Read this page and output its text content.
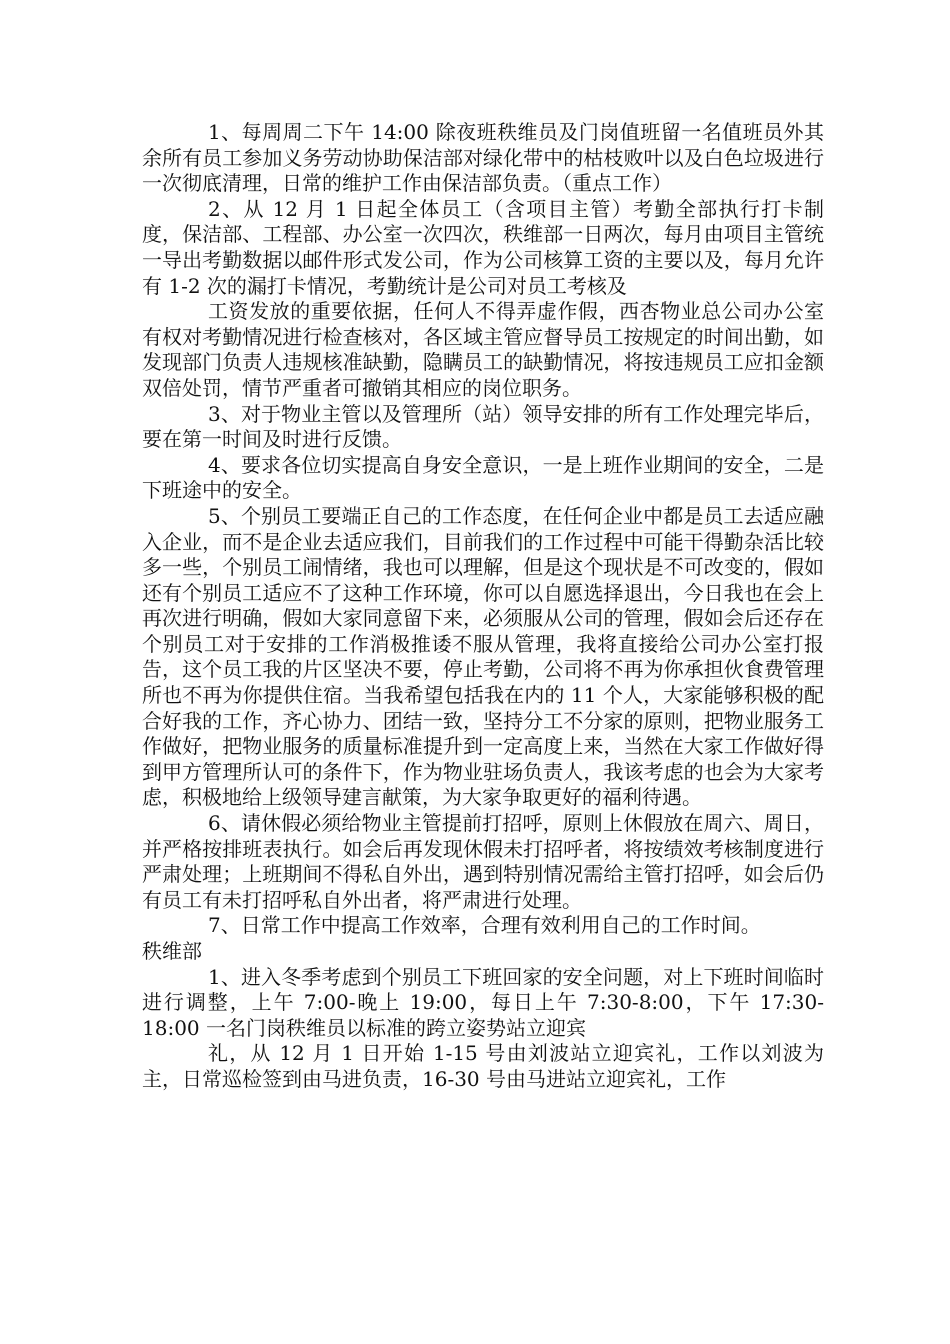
1、每周周二下午 14:00 除夜班秩维员及门岗值班留一名值班员外其余所有员工参加义务劳动协助保洁部对绿化带中的枯枝败叶以及白色垃圾进行一次彻底清理，日常的维护工作由保洁部负责。（重点工作）

2、从 12 月 1 日起全体员工（含项目主管）考勤全部执行打卡制度，保洁部、工程部、办公室一次四次，秩维部一日两次，每月由项目主管统一导出考勤数据以邮件形式发公司，作为公司核算工资的主要以及，每月允许有 1-2 次的漏打卡情况，考勤统计是公司对员工考核及

工资发放的重要依据，任何人不得弄虚作假，西杏物业总公司办公室有权对考勤情况进行检查核对，各区域主管应督导员工按规定的时间出勤，如发现部门负责人违规核准缺勤，隐瞒员工的缺勤情况，将按违规员工应扣金额双倍处罚，情节严重者可撤销其相应的岗位职务。

3、对于物业主管以及管理所（站）领导安排的所有工作处理完毕后，要在第一时间及时进行反馈。

4、要求各位切实提高自身安全意识，一是上班作业期间的安全，二是下班途中的安全。

5、个别员工要端正自己的工作态度，在任何企业中都是员工去适应融入企业，而不是企业去适应我们，目前我们的工作过程中可能干得勤杂活比较多一些，个别员工闹情绪，我也可以理解，但是这个现状是不可改变的，假如还有个别员工适应不了这种工作环境，你可以自愿选择退出，今日我也在会上再次进行明确，假如大家同意留下来，必须服从公司的管理，假如会后还存在个别员工对于安排的工作消极推诿不服从管理，我将直接给公司办公室打报告，这个员工我的片区坚决不要，停止考勤，公司将不再为你承担伙食费管理所也不再为你提供住宿。当我希望包括我在内的 11 个人，大家能够积极的配合好我的工作，齐心协力、团结一致，坚持分工不分家的原则，把物业服务工作做好，把物业服务的质量标准提升到一定高度上来，当然在大家工作做好得到甲方管理所认可的条件下，作为物业驻场负责人，我该考虑的也会为大家考虑，积极地给上级领导建言献策，为大家争取更好的福利待遇。

6、请休假必须给物业主管提前打招呼，原则上休假放在周六、周日，并严格按排班表执行。如会后再发现休假未打招呼者，将按绩效考核制度进行严肃处理；上班期间不得私自外出，遇到特别情况需给主管打招呼，如会后仍有员工有未打招呼私自外出者，将严肃进行处理。

7、日常工作中提高工作效率，合理有效利用自己的工作时间。

秩维部

1、进入冬季考虑到个别员工下班回家的安全问题，对上下班时间临时进行调整，上午 7:00-晚上 19:00，每日上午 7:30-8:00，下午 17:30-18:00 一名门岗秩维员以标准的跨立姿势站立迎宾

礼，从 12 月 1 日开始 1-15 号由刘波站立迎宾礼，工作以刘波为主，日常巡检签到由马进负责，16-30 号由马进站立迎宾礼，工作
